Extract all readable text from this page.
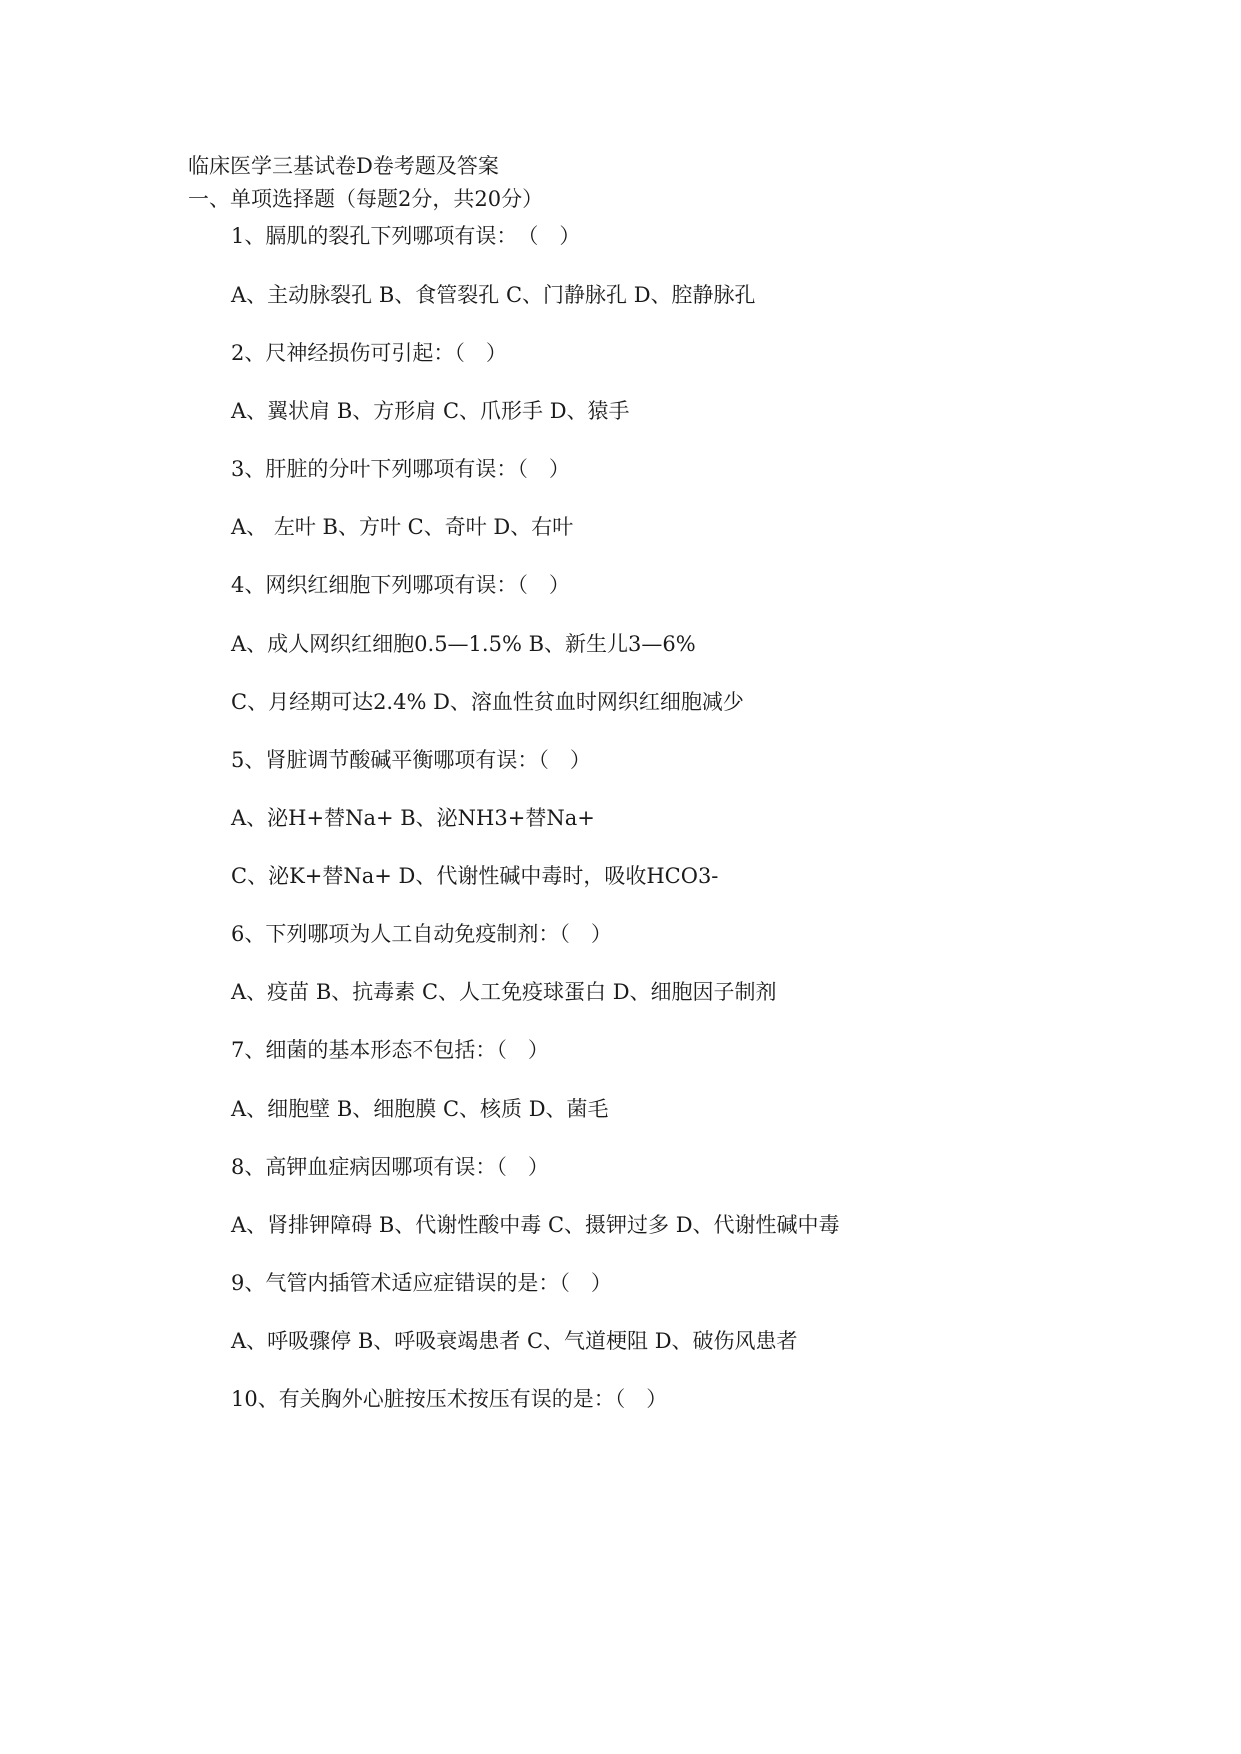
临床医学三基试卷D卷考题及答案
一、单项选择题（每题2分，共20分）
1、膈肌的裂孔下列哪项有误：　（　）
A、主动脉裂孔 B、食管裂孔 C、门静脉孔 D、腔静脉孔
2、尺神经损伤可引起：（　）
A、翼状肩 B、方形肩 C、爪形手 D、猿手
3、肝脏的分叶下列哪项有误：（　）
A、 左叶 B、方叶 C、奇叶 D、右叶
4、网织红细胞下列哪项有误：（　）
A、成人网织红细胞0.5—1.5% B、新生儿3—6%
C、月经期可达2.4% D、溶血性贫血时网织红细胞减少
5、肾脏调节酸碱平衡哪项有误：（　）
A、泌H+替Na+ B、泌NH3+替Na+
C、泌K+替Na+ D、代谢性碱中毒时，吸收HCO3-
6、下列哪项为人工自动免疫制剂：（　）
A、疫苗 B、抗毒素 C、人工免疫球蛋白 D、细胞因子制剂
7、细菌的基本形态不包括：（　）
A、细胞壁 B、细胞膜 C、核质 D、菌毛
8、高钾血症病因哪项有误：（　）
A、肾排钾障碍 B、代谢性酸中毒 C、摄钾过多 D、代谢性碱中毒
9、气管内插管术适应症错误的是：（　）
A、呼吸骤停 B、呼吸衰竭患者 C、气道梗阻 D、破伤风患者
10、有关胸外心脏按压术按压有误的是：（　）
